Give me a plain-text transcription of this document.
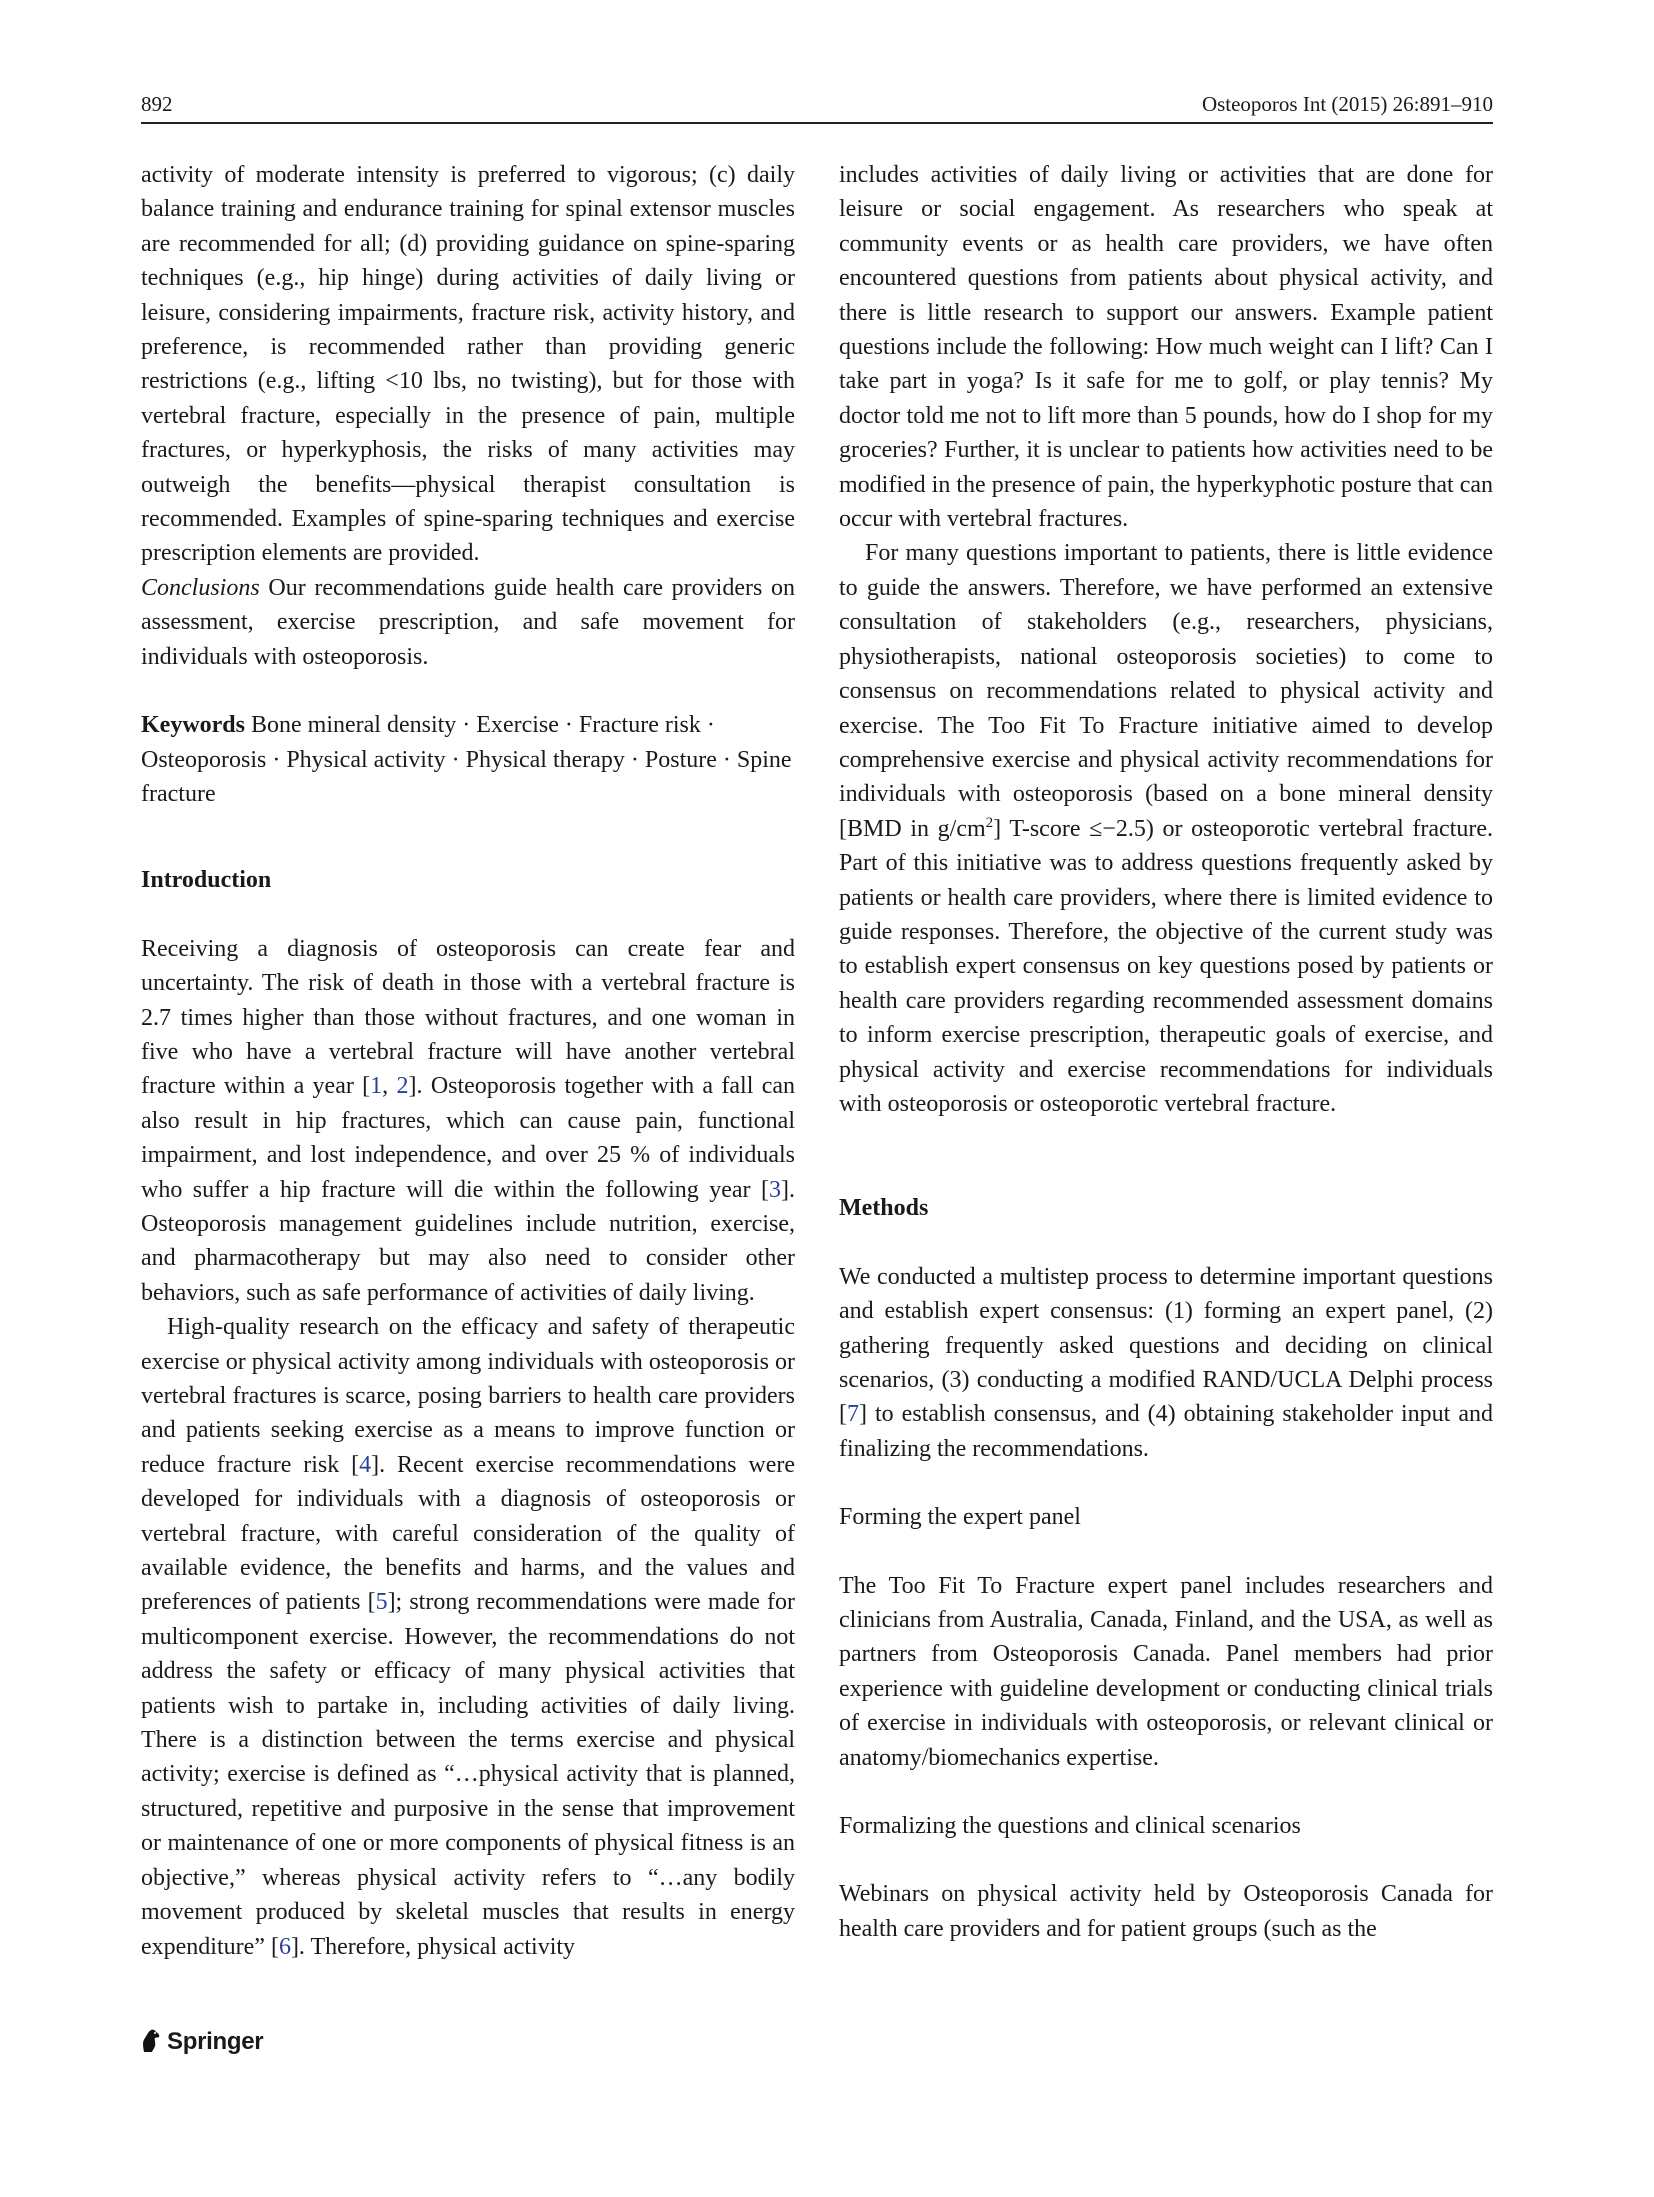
892	Osteoporos Int (2015) 26:891–910

activity of moderate intensity is preferred to vigorous; (c) daily balance training and endurance training for spinal extensor muscles are recommended for all; (d) providing guidance on spine-sparing techniques (e.g., hip hinge) during activities of daily living or leisure, considering impairments, fracture risk, activity history, and preference, is recommended rather than providing generic restrictions (e.g., lifting <10 lbs, no twisting), but for those with vertebral fracture, especially in the presence of pain, multiple fractures, or hyperkyphosis, the risks of many activities may outweigh the benefits—physical therapist consultation is recommended. Examples of spine-sparing techniques and exercise prescription elements are provided.

Conclusions Our recommendations guide health care providers on assessment, exercise prescription, and safe movement for individuals with osteoporosis.

Keywords Bone mineral density · Exercise · Fracture risk · Osteoporosis · Physical activity · Physical therapy · Posture · Spine fracture

Introduction

Receiving a diagnosis of osteoporosis can create fear and uncertainty. The risk of death in those with a vertebral fracture is 2.7 times higher than those without fractures, and one woman in five who have a vertebral fracture will have another vertebral fracture within a year [1, 2]. Osteoporosis together with a fall can also result in hip fractures, which can cause pain, functional impairment, and lost independence, and over 25 % of individuals who suffer a hip fracture will die within the following year [3]. Osteoporosis management guidelines include nutrition, exercise, and pharmacotherapy but may also need to consider other behaviors, such as safe performance of activities of daily living.

High-quality research on the efficacy and safety of therapeutic exercise or physical activity among individuals with osteoporosis or vertebral fractures is scarce, posing barriers to health care providers and patients seeking exercise as a means to improve function or reduce fracture risk [4]. Recent exercise recommendations were developed for individuals with a diagnosis of osteoporosis or vertebral fracture, with careful consideration of the quality of available evidence, the benefits and harms, and the values and preferences of patients [5]; strong recommendations were made for multicomponent exercise. However, the recommendations do not address the safety or efficacy of many physical activities that patients wish to partake in, including activities of daily living. There is a distinction between the terms exercise and physical activity; exercise is defined as “…physical activity that is planned, structured, repetitive and purposive in the sense that improvement or maintenance of one or more components of physical fitness is an objective,” whereas physical activity refers to “…any bodily movement produced by skeletal muscles that results in energy expenditure” [6]. Therefore, physical activity

includes activities of daily living or activities that are done for leisure or social engagement. As researchers who speak at community events or as health care providers, we have often encountered questions from patients about physical activity, and there is little research to support our answers. Example patient questions include the following: How much weight can I lift? Can I take part in yoga? Is it safe for me to golf, or play tennis? My doctor told me not to lift more than 5 pounds, how do I shop for my groceries? Further, it is unclear to patients how activities need to be modified in the presence of pain, the hyperkyphotic posture that can occur with vertebral fractures.

For many questions important to patients, there is little evidence to guide the answers. Therefore, we have performed an extensive consultation of stakeholders (e.g., researchers, physicians, physiotherapists, national osteoporosis societies) to come to consensus on recommendations related to physical activity and exercise. The Too Fit To Fracture initiative aimed to develop comprehensive exercise and physical activity recommendations for individuals with osteoporosis (based on a bone mineral density [BMD in $g/cm^2$] T-score ≤−2.5) or osteoporotic vertebral fracture. Part of this initiative was to address questions frequently asked by patients or health care providers, where there is limited evidence to guide responses. Therefore, the objective of the current study was to establish expert consensus on key questions posed by patients or health care providers regarding recommended assessment domains to inform exercise prescription, therapeutic goals of exercise, and physical activity and exercise recommendations for individuals with osteoporosis or osteoporotic vertebral fracture.

Methods

We conducted a multistep process to determine important questions and establish expert consensus: (1) forming an expert panel, (2) gathering frequently asked questions and deciding on clinical scenarios, (3) conducting a modified RAND/UCLA Delphi process [7] to establish consensus, and (4) obtaining stakeholder input and finalizing the recommendations.

Forming the expert panel

The Too Fit To Fracture expert panel includes researchers and clinicians from Australia, Canada, Finland, and the USA, as well as partners from Osteoporosis Canada. Panel members had prior experience with guideline development or conducting clinical trials of exercise in individuals with osteoporosis, or relevant clinical or anatomy/biomechanics expertise.

Formalizing the questions and clinical scenarios

Webinars on physical activity held by Osteoporosis Canada for health care providers and for patient groups (such as the

Springer
